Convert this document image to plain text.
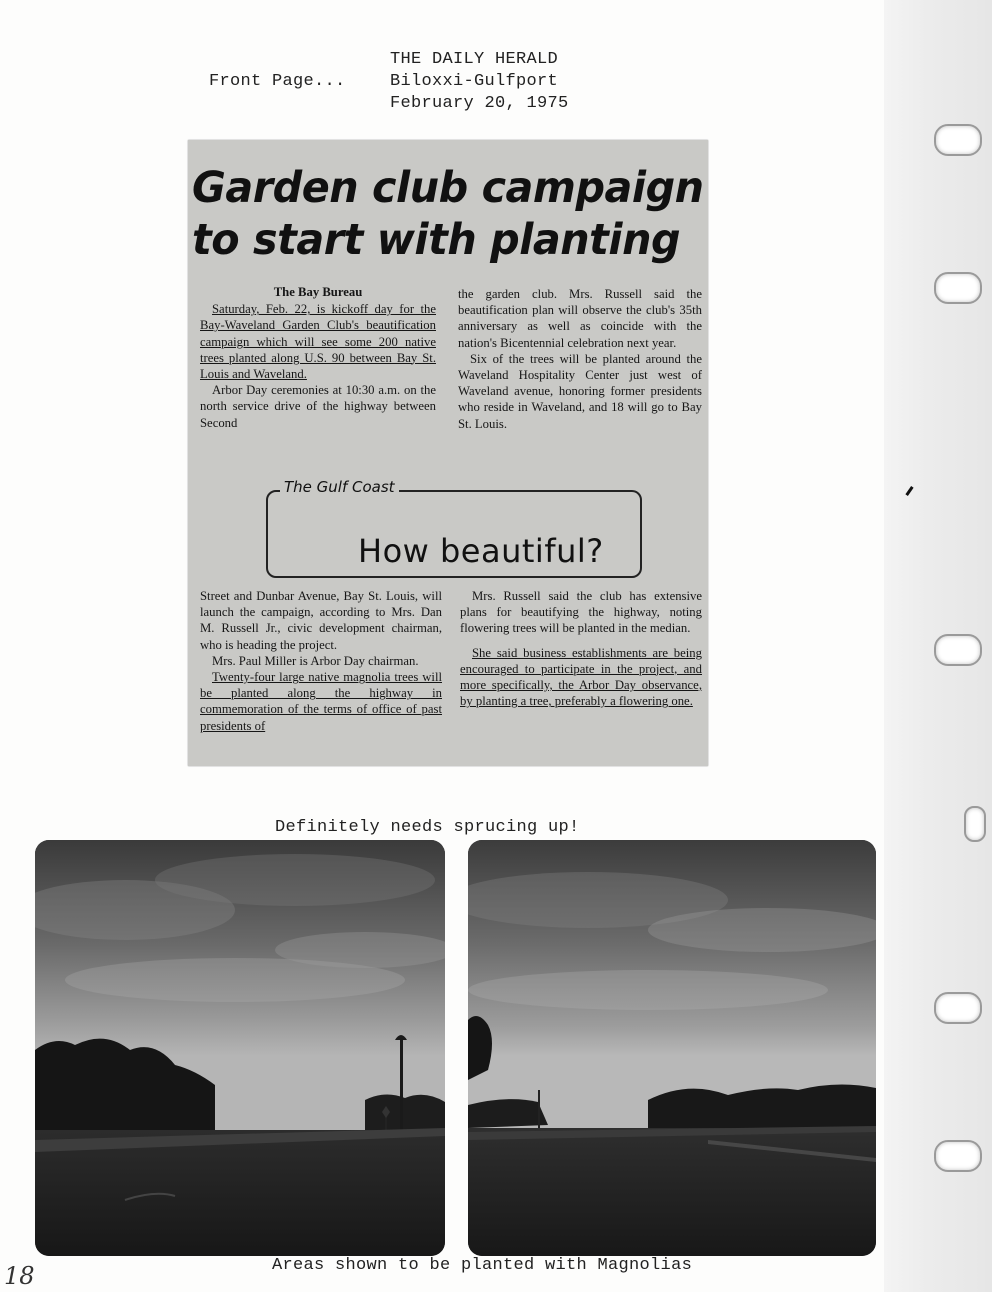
Front Page...
THE DAILY HERALD
Biloxxi-Gulfport
February 20, 1975
Garden club campaign
to start with planting

The Bay Bureau

Saturday, Feb. 22, is kickoff day for the Bay-Waveland Garden Club's beautification campaign which will see some 200 native trees planted along U.S. 90 between Bay St. Louis and Waveland.

Arbor Day ceremonies at 10:30 a.m. on the north service drive of the highway between Second

the garden club. Mrs. Russell said the beautification plan will observe the club's 35th anniversary as well as coincide with the nation's Bicentennial celebration next year.

Six of the trees will be planted around the Waveland Hospitality Center just west of Waveland avenue, honoring former presidents who reside in Waveland, and 18 will go to Bay St. Louis.

The Gulf Coast
How beautiful?

Street and Dunbar Avenue, Bay St. Louis, will launch the campaign, according to Mrs. Dan M. Russell Jr., civic development chairman, who is heading the project.

Mrs. Paul Miller is Arbor Day chairman.

Twenty-four large native magnolia trees will be planted along the highway in commemoration of the terms of office of past presidents of

Mrs. Russell said the club has extensive plans for beautifying the highway, noting flowering trees will be planted in the median.

She said business establishments are being encouraged to participate in the project, and more specifically, the Arbor Day observance, by planting a tree, preferably a flowering one.

Definitely needs sprucing up!
Areas shown to be planted with Magnolias
18
